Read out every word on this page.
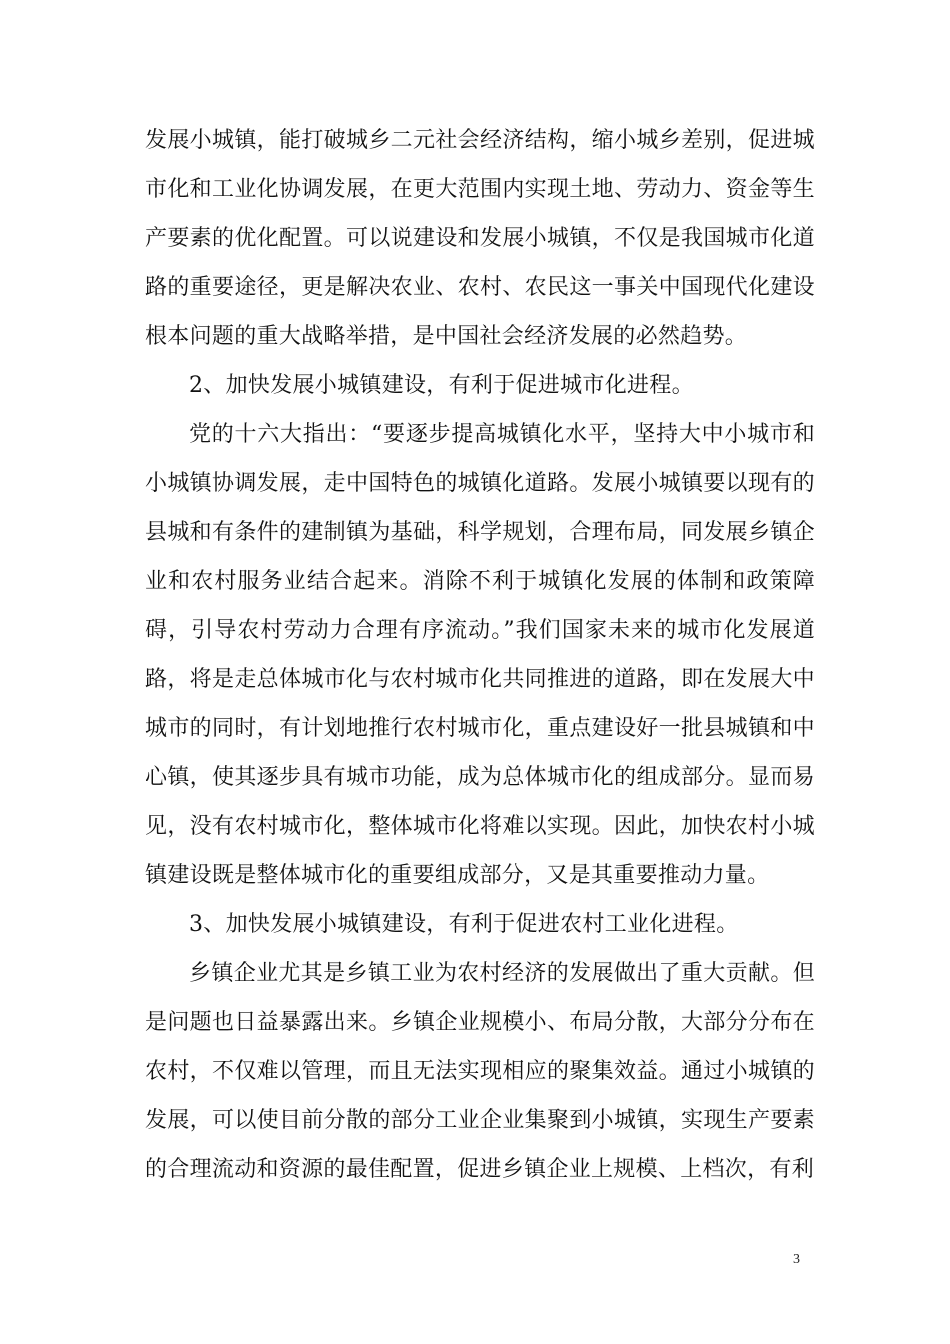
发展小城镇，能打破城乡二元社会经济结构，缩小城乡差别，促进城市化和工业化协调发展，在更大范围内实现土地、劳动力、资金等生产要素的优化配置。可以说建设和发展小城镇，不仅是我国城市化道路的重要途径，更是解决农业、农村、农民这一事关中国现代化建设根本问题的重大战略举措，是中国社会经济发展的必然趋势。

2、加快发展小城镇建设，有利于促进城市化进程。

党的十六大指出：“要逐步提高城镇化水平，坚持大中小城市和小城镇协调发展，走中国特色的城镇化道路。发展小城镇要以现有的县城和有条件的建制镇为基础，科学规划，合理布局，同发展乡镇企业和农村服务业结合起来。消除不利于城镇化发展的体制和政策障碍，引导农村劳动力合理有序流动。”我们国家未来的城市化发展道路，将是走总体城市化与农村城市化共同推进的道路，即在发展大中城市的同时，有计划地推行农村城市化，重点建设好一批县城镇和中心镇，使其逐步具有城市功能，成为总体城市化的组成部分。显而易见，没有农村城市化，整体城市化将难以实现。因此，加快农村小城镇建设既是整体城市化的重要组成部分，又是其重要推动力量。

3、加快发展小城镇建设，有利于促进农村工业化进程。

乡镇企业尤其是乡镇工业为农村经济的发展做出了重大贡献。但是问题也日益暴露出来。乡镇企业规模小、布局分散，大部分分布在农村，不仅难以管理，而且无法实现相应的聚集效益。通过小城镇的发展，可以使目前分散的部分工业企业集聚到小城镇，实现生产要素的合理流动和资源的最佳配置，促进乡镇企业上规模、上档次，有利

3
